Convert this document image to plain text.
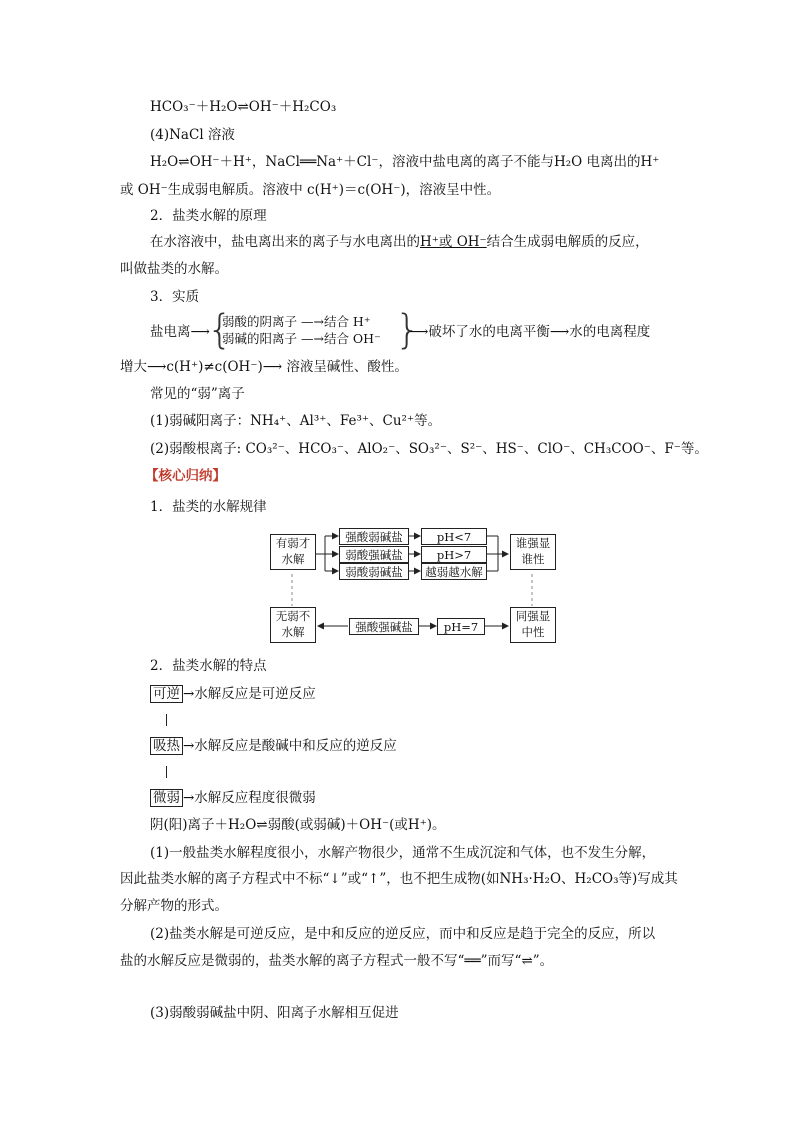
HCO₃⁻＋H₂O⇌OH⁻＋H₂CO₃
(4)NaCl 溶液
H₂O⇌OH⁻＋H⁺，NaCl══Na⁺＋Cl⁻，溶液中盐电离的离子不能与H₂O 电离出的H⁺
或 OH⁻生成弱电解质。溶液中 c(H⁺)＝c(OH⁻)，溶液呈中性。
2．盐类水解的原理
在水溶液中，盐电离出来的离子与水电离出的H⁺或 OH⁻结合生成弱电解质的反应，
叫做盐类的水解。
3．实质
盐电离⟶
{
弱酸的阴离子 —→结合 H⁺
弱碱的阳离子 —→结合 OH⁻ }
⟶破坏了水的电离平衡⟶水的电离程度
增大⟶c(H⁺)≠c(OH⁻)⟶ 溶液呈碱性、酸性。
常见的“弱”离子
(1)弱碱阳离子：NH₄⁺、Al³⁺、Fe³⁺、Cu²⁺等。
(2)弱酸根离子: CO₃²⁻、HCO₃⁻、AlO₂⁻、SO₃²⁻、S²⁻、HS⁻、ClO⁻、CH₃COO⁻、F⁻等。
【核心归纳】
1．盐类的水解规律
有弱才
水解
强酸弱碱盐
弱酸强碱盐
弱酸弱碱盐
pH<7
pH>7
越弱越水解
谁强显
谁性
无弱不
水解	强酸强碱盐	pH=7
同强显
中性
2．盐类水解的特点
可逆 →水解反应是可逆反应
吸热 →水解反应是酸碱中和反应的逆反应
微弱 →水解反应程度很微弱
阴(阳)离子＋H₂O⇌弱酸(或弱碱)＋OH⁻(或H⁺)。
(1)一般盐类水解程度很小，水解产物很少，通常不生成沉淀和气体，也不发生分解，
因此盐类水解的离子方程式中不标“↓”或“↑”，也不把生成物(如NH₃·H₂O、H₂CO₃等)写成其
分解产物的形式。
(2)盐类水解是可逆反应，是中和反应的逆反应，而中和反应是趋于完全的反应，所以
盐的水解反应是微弱的，盐类水解的离子方程式一般不写“══”而写“⇌”。
(3)弱酸弱碱盐中阴、阳离子水解相互促进
